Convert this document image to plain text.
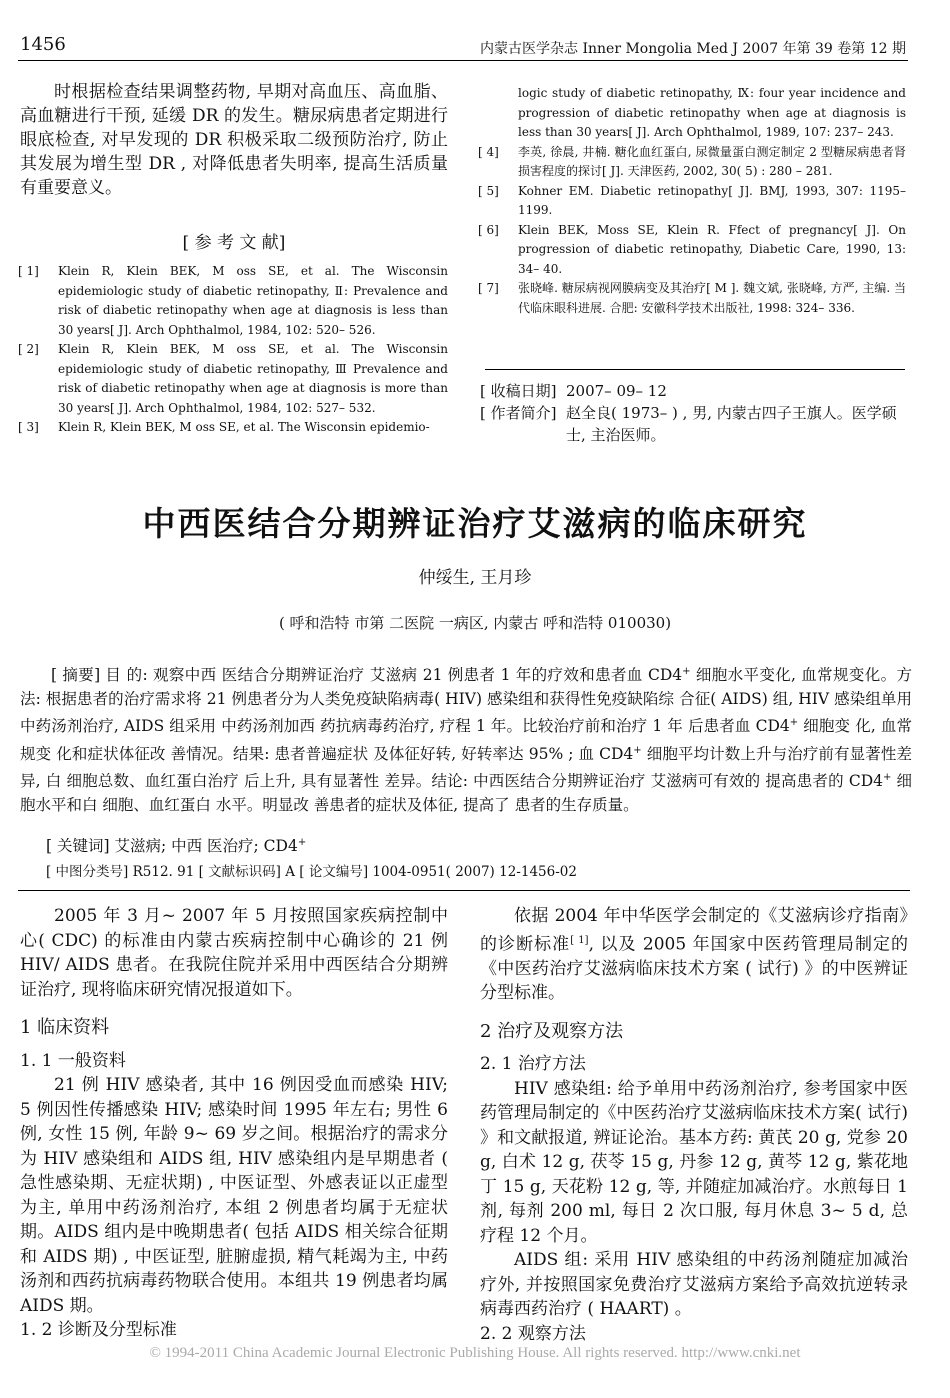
1456	内蒙古医学杂志 Inner Mongolia Med J 2007 年第 39 卷第 12 期
时根据检查结果调整药物, 早期对高血压、高血脂、高血糖进行干预, 延缓 DR 的发生。糖尿病患者定期进行眼底检查, 对早发现的 DR 积极采取二级预防治疗, 防止其发展为增生型 DR , 对降低患者失明率, 提高生活质量有重要意义。
[ 参 考 文 献]
[ 1]	Klein R, Klein BEK, M oss SE, et al. The Wisconsin epidemiologic study of diabetic retinopathy, Ⅱ: Prevalence and risk of diabetic retinopathy when age at diagnosis is less than 30 years[ J]. Arch Ophthalmol, 1984, 102: 520– 526.
[ 2]	Klein R, Klein BEK, M oss SE, et al. The Wisconsin epidemiologic study of diabetic retinopathy, Ⅲ Prevalence and risk of diabetic retinopathy when age at diagnosis is more than 30 years[ J]. Arch Ophthalmol, 1984, 102: 527– 532.
[ 3]	Klein R, Klein BEK, M oss SE, et al. The Wisconsin epidemio-
logic study of diabetic retinopathy, Ⅸ: four year incidence and progression of diabetic retinopathy when age at diagnosis is less than 30 years[ J]. Arch Ophthalmol, 1989, 107: 237– 243.
[ 4]	李英, 徐晨, 井楠. 糖化血红蛋白, 尿微量蛋白测定制定 2 型糖尿病患者肾损害程度的探讨[ J]. 天津医药, 2002, 30( 5) : 280 – 281.
[ 5]	Kohner EM. Diabetic retinopathy[ J]. BMJ, 1993, 307: 1195– 1199.
[ 6]	Klein BEK, Moss SE, Klein R. Ffect of pregnancy[ J]. On progression of diabetic retinopathy, Diabetic Care, 1990, 13: 34– 40.
[ 7]	张晓峰. 糖尿病视网膜病变及其治疗[ M ]. 魏文斌, 张晓峰, 方严, 主编. 当代临床眼科进展. 合肥: 安徽科学技术出版社, 1998: 324– 336.
[ 收稿日期] 2007– 09– 12
[ 作者简介] 赵全良( 1973– ) , 男, 内蒙古四子王旗人。医学硕士, 主治医师。
中西医结合分期辨证治疗艾滋病的临床研究
仲绥生, 王月珍
( 呼和浩特 市第 二医院 一病区, 内蒙古 呼和浩特 010030)
[ 摘要] 目 的: 观察中西 医结合分期辨证治疗 艾滋病 21 例患者 1 年的疗效和患者血 CD4+ 细胞水平变化, 血常规变化。方法: 根据患者的治疗需求将 21 例患者分为人类免疫缺陷病毒( HIV) 感染组和获得性免疫缺陷综 合征( AIDS) 组, HIV 感染组单用 中药汤剂治疗, AIDS 组采用 中药汤剂加西 药抗病毒药治疗, 疗程 1 年。比较治疗前和治疗 1 年 后患者血 CD4+ 细胞变 化, 血常规变 化和症状体征改 善情况。结果: 患者普遍症状 及体征好转, 好转率达 95% ; 血 CD4+ 细胞平均计数上升与治疗前有显著性差异, 白 细胞总数、血红蛋白治疗 后上升, 具有显著性 差异。结论: 中西医结合分期辨证治疗 艾滋病可有效的 提高患者的 CD4+ 细胞水平和白 细胞、血红蛋白 水平。明显改 善患者的症状及体征, 提高了 患者的生存质量。
[ 关键词] 艾滋病; 中西 医治疗; CD4+
[ 中图分类号] R512. 91 [ 文献标识码] A [ 论文编号] 1004-0951( 2007) 12-1456-02

2005 年 3 月~ 2007 年 5 月按照国家疾病控制中心( CDC) 的标准由内蒙古疾病控制中心确诊的 21 例 HIV/ AIDS 患者。在我院住院并采用中西医结合分期辨证治疗, 现将临床研究情况报道如下。

1 临床资料

1. 1 一般资料

21 例 HIV 感染者, 其中 16 例因受血而感染 HIV; 5 例因性传播感染 HIV; 感染时间 1995 年左右; 男性 6 例, 女性 15 例, 年龄 9~ 69 岁之间。根据治疗的需求分为 HIV 感染组和 AIDS 组, HIV 感染组内是早期患者 ( 急性感染期、无症状期) , 中医证型、外感表证以正虚型为主, 单用中药汤剂治疗, 本组 2 例患者均属于无症状期。AIDS 组内是中晚期患者( 包括 AIDS 相关综合征期和 AIDS 期) , 中医证型, 脏腑虚损, 精气耗竭为主, 中药汤剂和西药抗病毒药物联合使用。本组共 19 例患者均属 AIDS 期。

1. 2 诊断及分型标准

依据 2004 年中华医学会制定的《艾滋病诊疗指南》的诊断标准[ 1], 以及 2005 年国家中医药管理局制定的《中医药治疗艾滋病临床技术方案 ( 试行) 》的中医辨证分型标准。

2 治疗及观察方法

2. 1 治疗方法

HIV 感染组: 给予单用中药汤剂治疗, 参考国家中医药管理局制定的《中医药治疗艾滋病临床技术方案( 试行) 》和文献报道, 辨证论治。基本方药: 黄芪 20 g, 党参 20 g, 白术 12 g, 茯苓 15 g, 丹参 12 g, 黄芩 12 g, 紫花地丁 15 g, 天花粉 12 g, 等, 并随症加减治疗。水煎每日 1 剂, 每剂 200 ml, 每日 2 次口服, 每月休息 3~ 5 d, 总疗程 12 个月。

AIDS 组: 采用 HIV 感染组的中药汤剂随症加减治疗外, 并按照国家免费治疗艾滋病方案给予高效抗逆转录病毒西药治疗 ( HAART) 。

2. 2 观察方法

© 1994-2011 China Academic Journal Electronic Publishing House. All rights reserved. http://www.cnki.net
